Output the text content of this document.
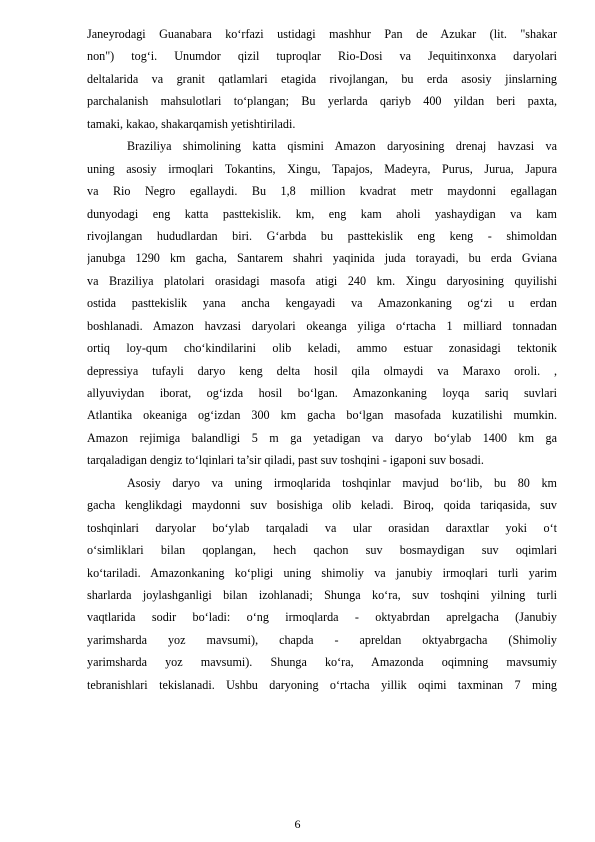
Janeyrodagi Guanabara koʻrfazi ustidagi mashhur Pan de Azukar (lit. "shakar
non") togʻi. Unumdor qizil tuproqlar Rio-Dosi va Jequitinxonxa daryolari
deltalarida va granit qatlamlari etagida rivojlangan, bu erda asosiy jinslarning
parchalanish mahsulotlari toʻplangan; Bu yerlarda qariyb 400 yildan beri paxta,
tamaki, kakao, shakarqamish yetishtiriladi.
Braziliya shimolining katta qismini Amazon daryosining drenaj havzasi va
uning asosiy irmoqlari Tokantins, Xingu, Tapajos, Madeyra, Purus, Jurua, Japura
va Rio Negro egallaydi. Bu 1,8 million kvadrat metr maydonni egallagan
dunyodagi eng katta pasttekislik. km, eng kam aholi yashaydigan va kam
rivojlangan hududlardan biri. Gʻarbda bu pasttekislik eng keng - shimoldan
janubga 1290 km gacha, Santarem shahri yaqinida juda torayadi, bu erda Gviana
va Braziliya platolari orasidagi masofa atigi 240 km. Xingu daryosining quyilishi
ostida pasttekislik yana ancha kengayadi va Amazonkaning ogʻzi u erdan
boshlanadi. Amazon havzasi daryolari okeanga yiliga oʻrtacha 1 milliard tonnadan
ortiq loy-qum choʻkindilarini olib keladi, ammo estuar zonasidagi tektonik
depressiya tufayli daryo keng delta hosil qila olmaydi va Maraxo oroli. ,
allyuviydan iborat, ogʻizda hosil boʻlgan. Amazonkaning loyqa sariq suvlari
Atlantika okeaniga ogʻizdan 300 km gacha boʻlgan masofada kuzatilishi mumkin.
Amazon rejimiga balandligi 5 m ga yetadigan va daryo boʻylab 1400 km ga
tarqaladigan dengiz toʻlqinlari ta’sir qiladi, past suv toshqini - igaponi suv bosadi.
Asosiy daryo va uning irmoqlarida toshqinlar mavjud boʻlib, bu 80 km
gacha kenglikdagi maydonni suv bosishiga olib keladi. Biroq, qoida tariqasida, suv
toshqinlari daryolar boʻylab tarqaladi va ular orasidan daraxtlar yoki oʻt
oʻsimliklari bilan qoplangan, hech qachon suv bosmaydigan suv oqimlari
koʻtariladi. Amazonkaning koʻpligi uning shimoliy va janubiy irmoqlari turli yarim
sharlarda joylashganligi bilan izohlanadi; Shunga koʻra, suv toshqini yilning turli
vaqtlarida sodir boʻladi: oʻng irmoqlarda - oktyabrdan aprelgacha (Janubiy
yarimsharda yoz mavsumi), chapda - apreldan oktyabrgacha (Shimoliy
yarimsharda yoz mavsumi). Shunga koʻra, Amazonda oqimning mavsumiy
tebranishlari tekislanadi. Ushbu daryoning oʻrtacha yillik oqimi taxminan 7 ming
6
